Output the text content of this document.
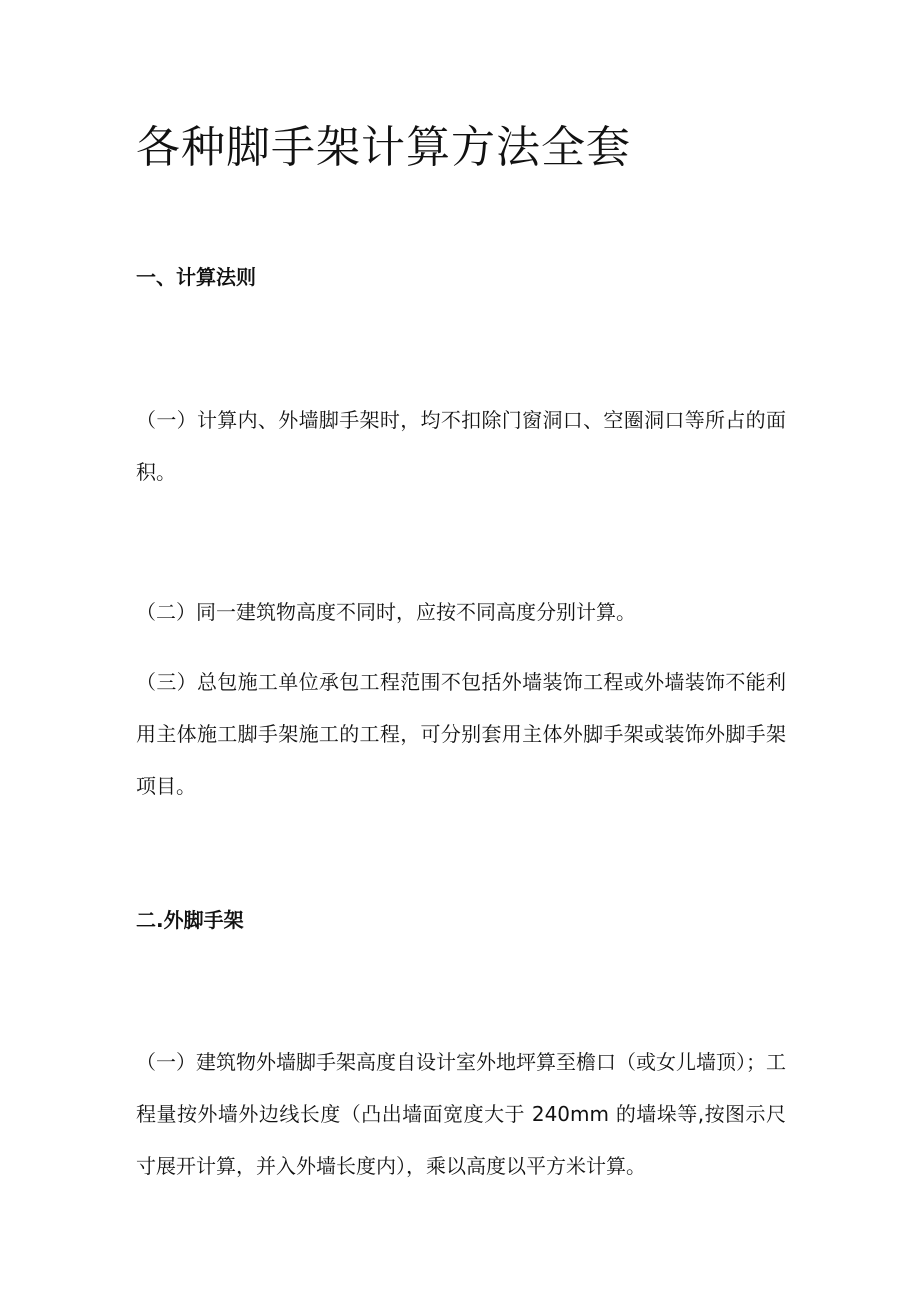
各种脚手架计算方法全套
一、计算法则

（一）计算内、外墙脚手架时，均不扣除门窗洞口、空圈洞口等所占的面积。

（二）同一建筑物高度不同时，应按不同高度分别计算。

（三）总包施工单位承包工程范围不包括外墙装饰工程或外墙装饰不能利用主体施工脚手架施工的工程，可分别套用主体外脚手架或装饰外脚手架项目。

二.外脚手架

（一）建筑物外墙脚手架高度自设计室外地坪算至檐口（或女儿墙顶）；工程量按外墙外边线长度（凸出墙面宽度大于 240mm 的墙垛等,按图示尺寸展开计算，并入外墙长度内），乘以高度以平方米计算。
